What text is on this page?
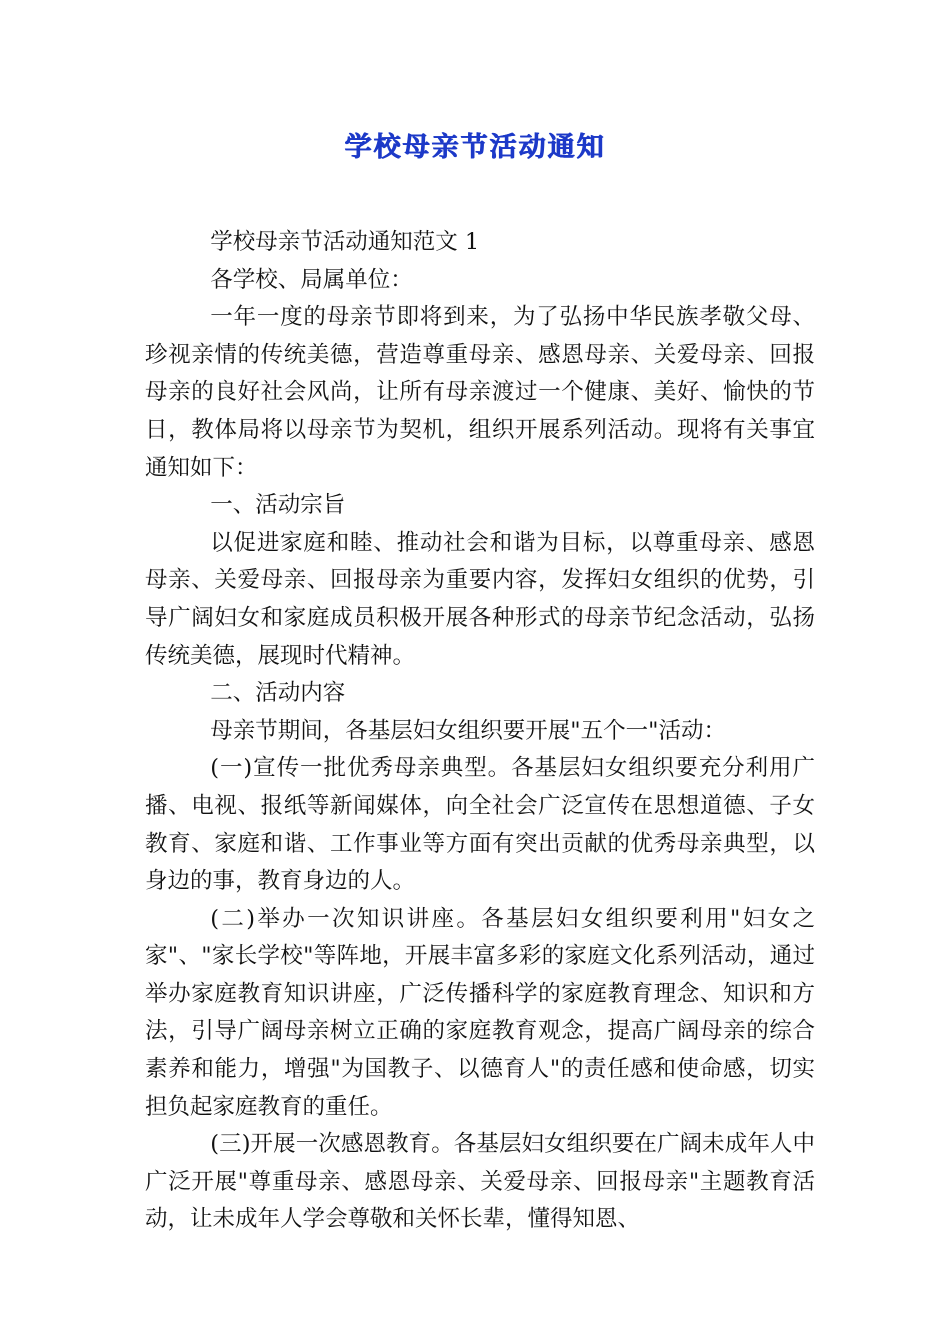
学校母亲节活动通知

学校母亲节活动通知范文 1

各学校、局属单位：

一年一度的母亲节即将到来，为了弘扬中华民族孝敬父母、珍视亲情的传统美德，营造尊重母亲、感恩母亲、关爱母亲、回报母亲的良好社会风尚，让所有母亲渡过一个健康、美好、愉快的节日，教体局将以母亲节为契机，组织开展系列活动。现将有关事宜通知如下：

一、活动宗旨

以促进家庭和睦、推动社会和谐为目标，以尊重母亲、感恩母亲、关爱母亲、回报母亲为重要内容，发挥妇女组织的优势，引导广阔妇女和家庭成员积极开展各种形式的母亲节纪念活动，弘扬传统美德，展现时代精神。

二、活动内容

母亲节期间，各基层妇女组织要开展"五个一"活动：

(一)宣传一批优秀母亲典型。各基层妇女组织要充分利用广播、电视、报纸等新闻媒体，向全社会广泛宣传在思想道德、子女教育、家庭和谐、工作事业等方面有突出贡献的优秀母亲典型，以身边的事，教育身边的人。

(二)举办一次知识讲座。各基层妇女组织要利用"妇女之家"、"家长学校"等阵地，开展丰富多彩的家庭文化系列活动，通过举办家庭教育知识讲座，广泛传播科学的家庭教育理念、知识和方法，引导广阔母亲树立正确的家庭教育观念，提高广阔母亲的综合素养和能力，增强"为国教子、以德育人"的责任感和使命感，切实担负起家庭教育的重任。

(三)开展一次感恩教育。各基层妇女组织要在广阔未成年人中广泛开展"尊重母亲、感恩母亲、关爱母亲、回报母亲"主题教育活动，让未成年人学会尊敬和关怀长辈，懂得知恩、
